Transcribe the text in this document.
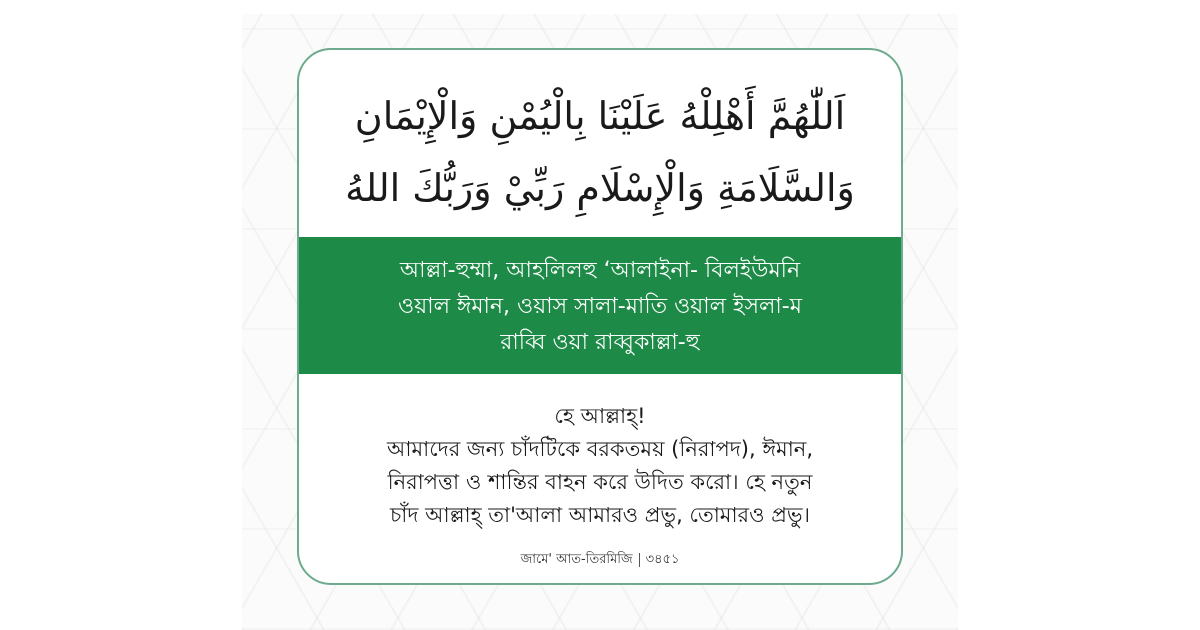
اَللّٰهُمَّ أَهْلِلْهُ عَلَيْنَا بِالْيُمْنِ وَالْإِيْمَانِ
وَالسَّلَامَةِ وَالْإِسْلَامِ رَبِّيْ وَرَبُّكَ اللهُ
আল্লা-হুম্মা, আহলিলহু ‘আলাইনা- বিলইউমনি
ওয়াল ঈমান, ওয়াস সালা-মাতি ওয়াল ইসলা-ম
রাব্বি ওয়া রাব্বুকাল্লা-হু
হে আল্লাহ্!
আমাদের জন্য চাঁদটিকে বরকতময় (নিরাপদ), ঈমান,
নিরাপত্তা ও শান্তির বাহন করে উদিত করো। হে নতুন
চাঁদ আল্লাহ্ তা'আলা আমারও প্রভু, তোমারও প্রভু।
জামে' আত-তিরমিজি ৩৪৫১
